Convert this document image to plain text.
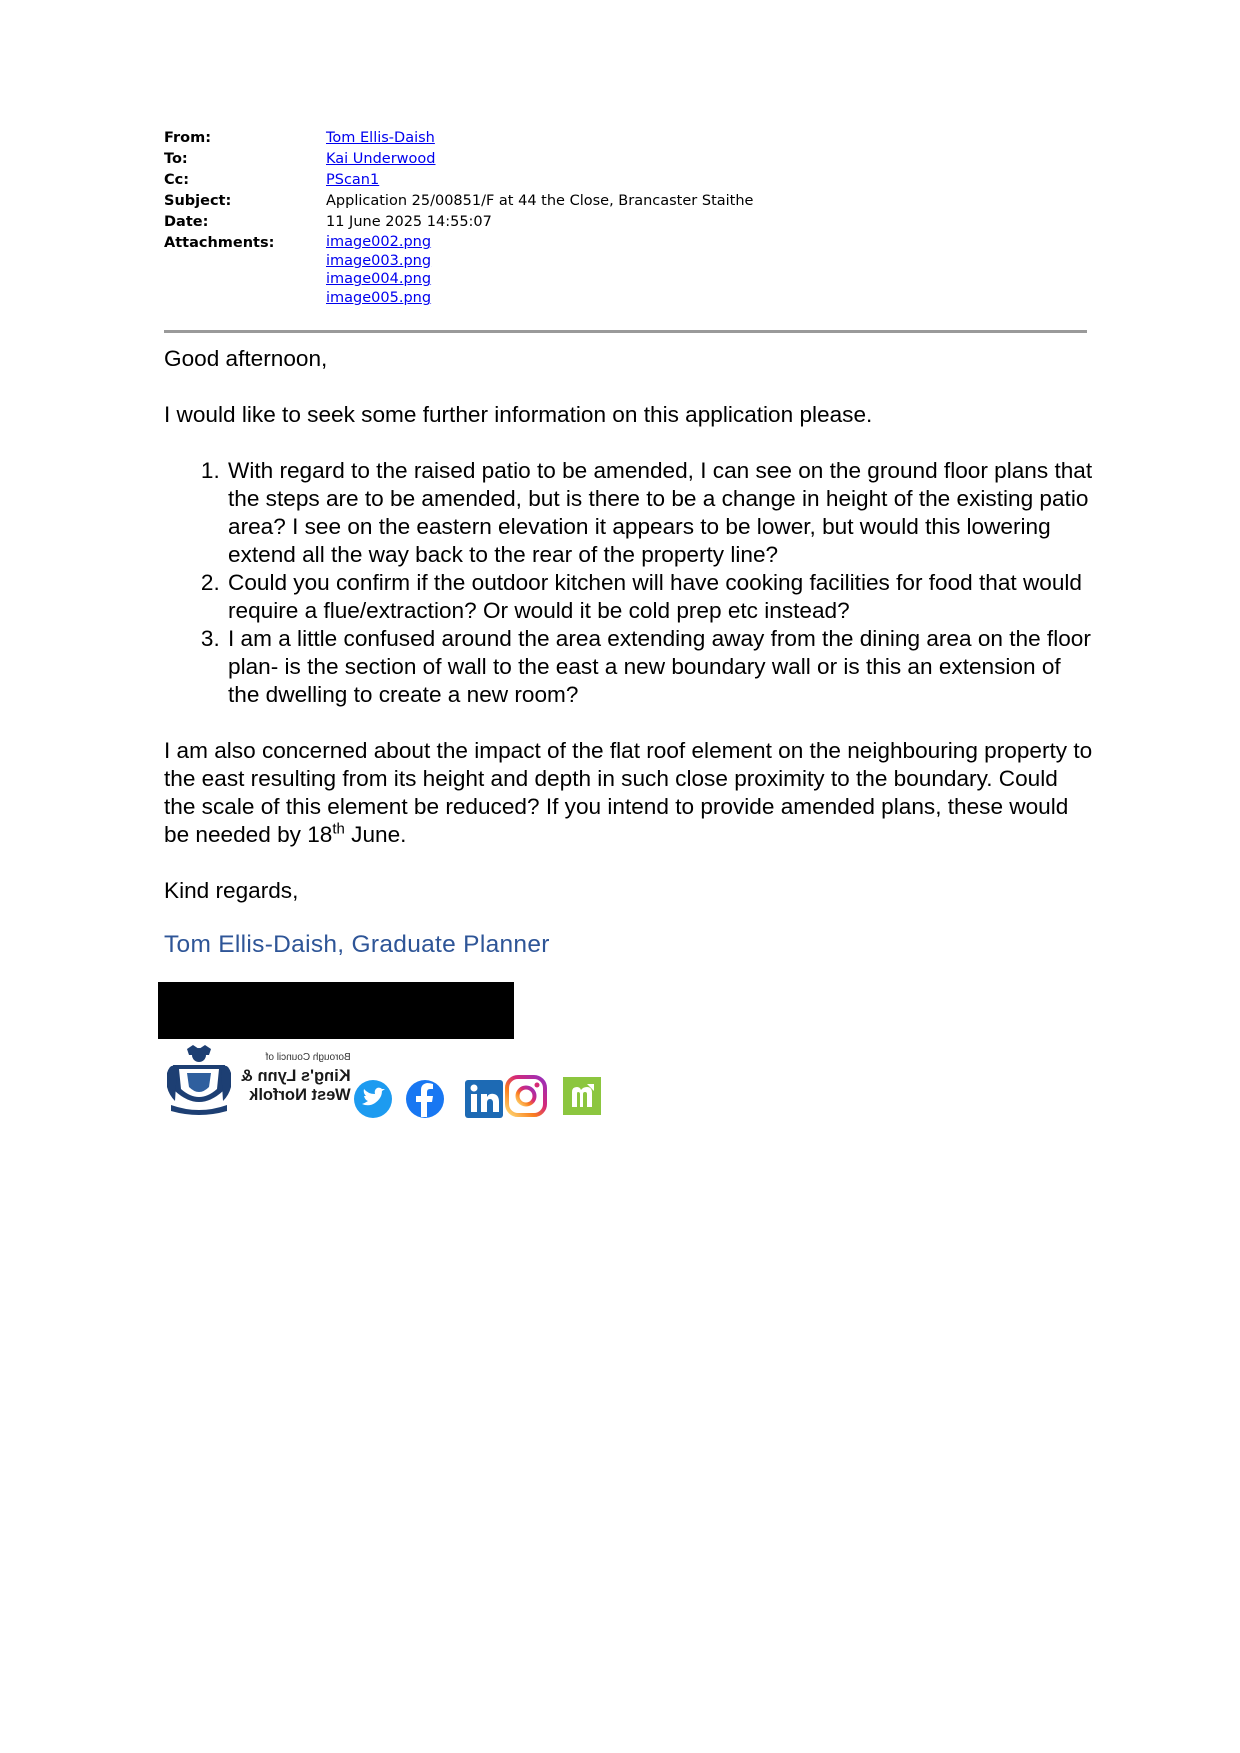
From:	Tom Ellis-Daish
To:	Kai Underwood
Cc:	PScan1
Subject:	Application 25/00851/F at 44 the Close, Brancaster Staithe
Date:	11 June 2025 14:55:07
Attachments:	image002.png
image003.png
image004.png
image005.png

Good afternoon,

I would like to seek some further information on this application please.

1. With regard to the raised patio to be amended, I can see on the ground floor plans that the steps are to be amended, but is there to be a change in height of the existing patio area? I see on the eastern elevation it appears to be lower, but would this lowering extend all the way back to the rear of the property line?
2. Could you confirm if the outdoor kitchen will have cooking facilities for food that would require a flue/extraction? Or would it be cold prep etc instead?
3. I am a little confused around the area extending away from the dining area on the floor plan- is the section of wall to the east a new boundary wall or is this an extension of the dwelling to create a new room?

I am also concerned about the impact of the flat roof element on the neighbouring property to the east resulting from its height and depth in such close proximity to the boundary. Could the scale of this element be reduced? If you intend to provide amended plans, these would be needed by 18th June.

Kind regards,

Tom Ellis-Daish, Graduate Planner

Borough Council of
King's Lynn &
West Norfolk
